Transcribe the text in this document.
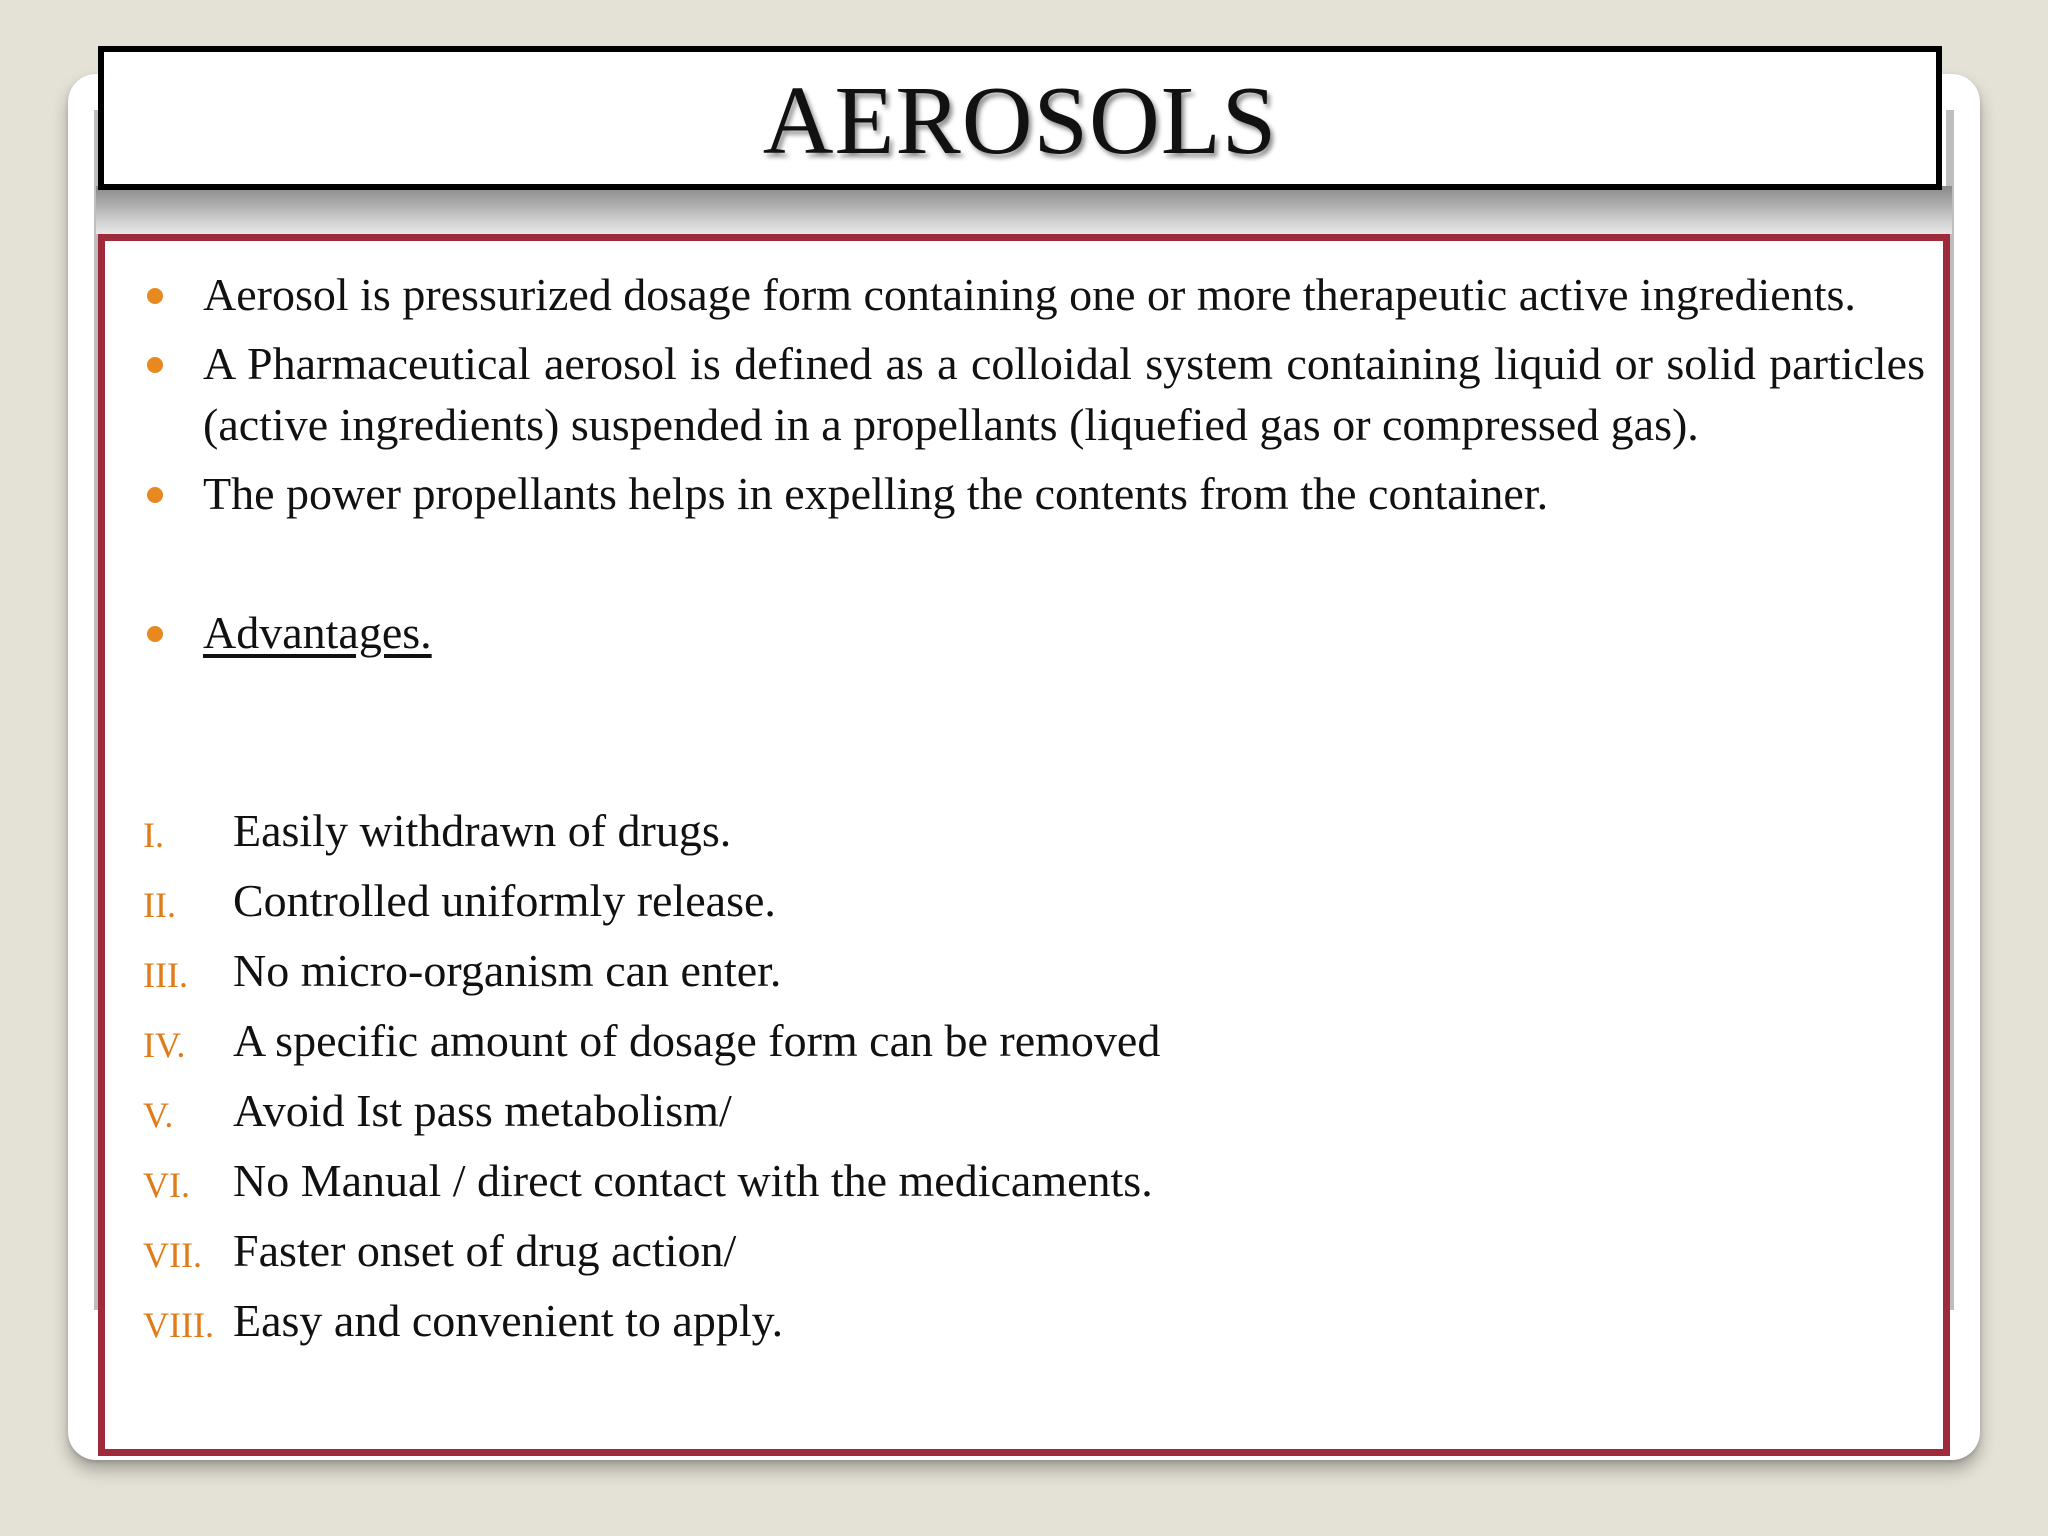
AEROSOLS
Aerosol is pressurized dosage form containing one or more therapeutic active ingredients.
A Pharmaceutical aerosol is defined as a colloidal system containing liquid or solid particles (active ingredients) suspended in a propellants (liquefied gas or compressed gas).
The power propellants helps in expelling the contents from the container.
Advantages.
I. Easily withdrawn of drugs.
II. Controlled uniformly release.
III. No micro-organism can enter.
IV. A specific amount of dosage form can be removed
V. Avoid Ist pass metabolism/
VI. No Manual / direct contact with the medicaments.
VII. Faster onset of drug action/
VIII. Easy and convenient to apply.
